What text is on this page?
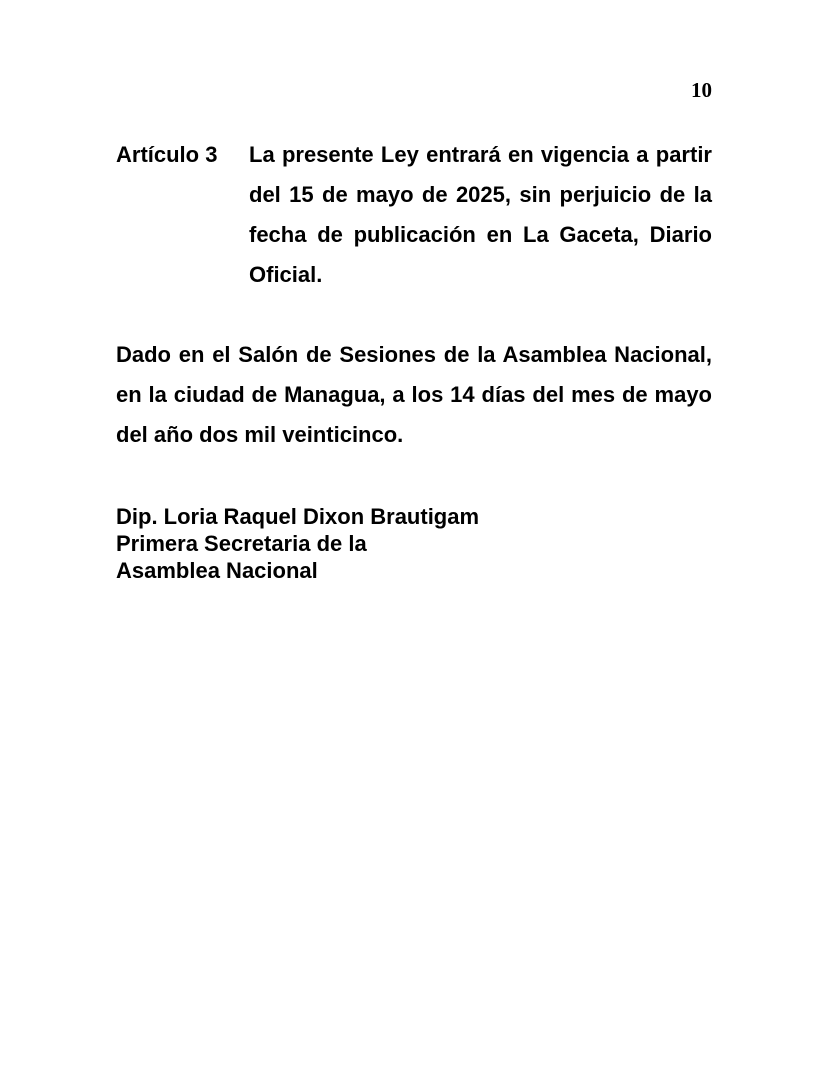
10
Artículo 3	La presente Ley entrará en vigencia a partir del 15 de mayo de 2025, sin perjuicio de la fecha de publicación en La Gaceta, Diario Oficial.

Dado en el Salón de Sesiones de la Asamblea Nacional, en la ciudad de Managua, a los 14 días del mes de mayo del año dos mil veinticinco.

Dip. Loria Raquel Dixon Brautigam
Primera Secretaria de la
Asamblea Nacional
